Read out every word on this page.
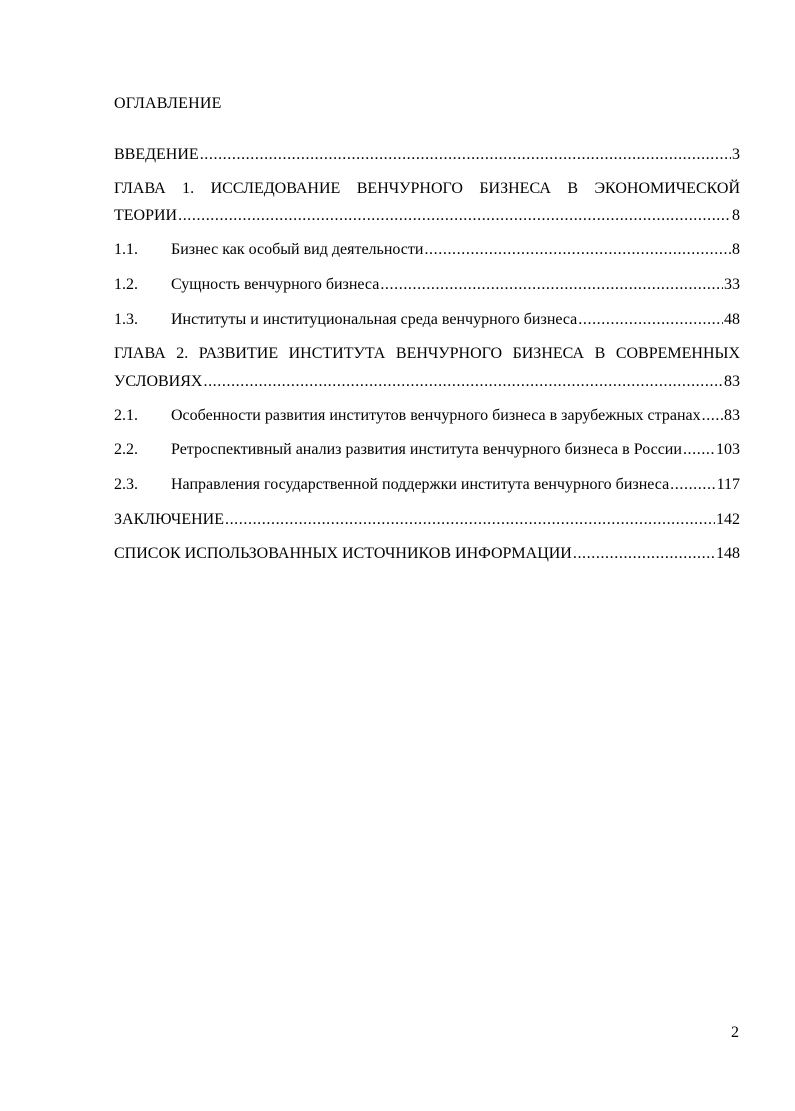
ОГЛАВЛЕНИЕ
ВВЕДЕНИЕ .....	3
ГЛАВА 1. ИССЛЕДОВАНИЕ ВЕНЧУРНОГО БИЗНЕСА В ЭКОНОМИЧЕСКОЙ
ТЕОРИИ .....	8
1.1.	Бизнес как особый вид деятельности .....	8
1.2.	Сущность венчурного бизнеса .....	33
1.3.	Институты и институциональная среда венчурного бизнеса .....	48
ГЛАВА 2. РАЗВИТИЕ ИНСТИТУТА ВЕНЧУРНОГО БИЗНЕСА В СОВРЕМЕННЫХ
УСЛОВИЯХ .....	83
2.1.	Особенности развития институтов венчурного бизнеса в зарубежных странах ..... 83
2.2.	Ретроспективный анализ развития института венчурного бизнеса в России ..... 103
2.3.	Направления государственной поддержки института венчурного бизнеса .....	117
ЗАКЛЮЧЕНИЕ .....	142
СПИСОК ИСПОЛЬЗОВАННЫХ ИСТОЧНИКОВ ИНФОРМАЦИИ .....	148
2
